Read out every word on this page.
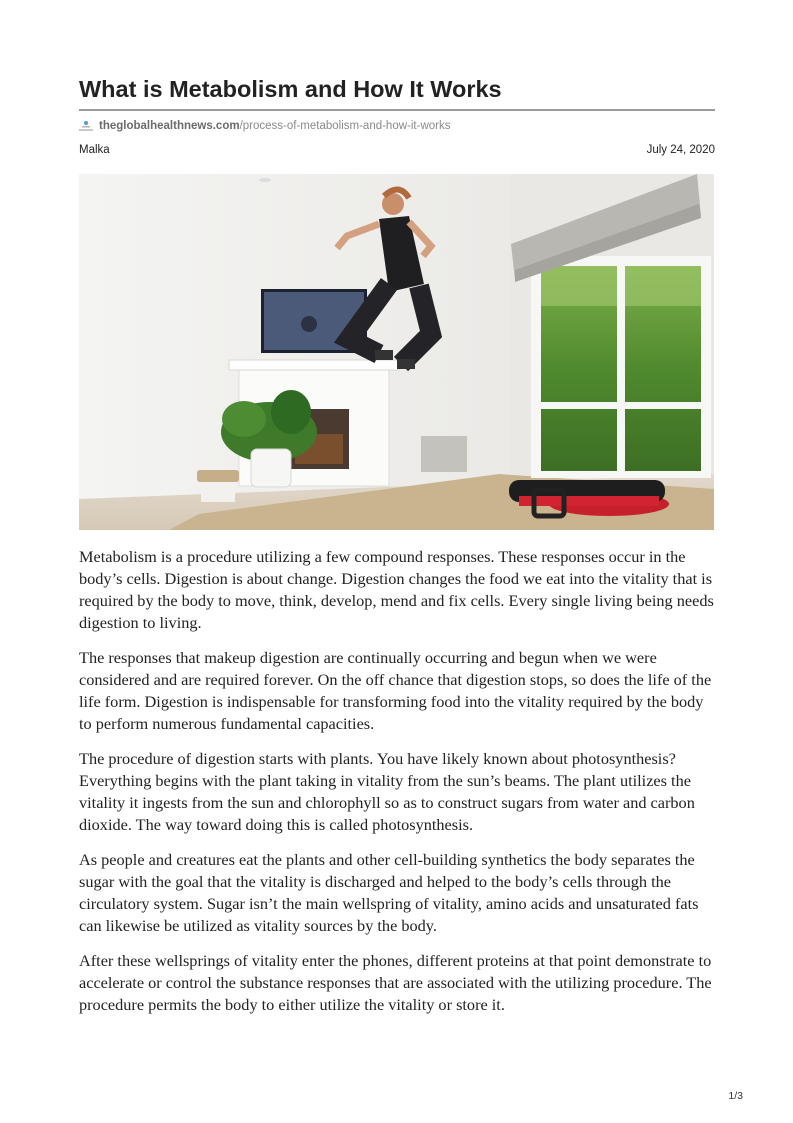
What is Metabolism and How It Works
theglobalhealthnews.com /process-of-metabolism-and-how-it-works
Malka	July 24, 2020

Metabolism is a procedure utilizing a few compound responses. These responses occur in the body’s cells. Digestion is about change. Digestion changes the food we eat into the vitality that is required by the body to move, think, develop, mend and fix cells. Every single living being needs digestion to living.

The responses that makeup digestion are continually occurring and begun when we were considered and are required forever. On the off chance that digestion stops, so does the life of the life form. Digestion is indispensable for transforming food into the vitality required by the body to perform numerous fundamental capacities.

The procedure of digestion starts with plants. You have likely known about photosynthesis? Everything begins with the plant taking in vitality from the sun’s beams. The plant utilizes the vitality it ingests from the sun and chlorophyll so as to construct sugars from water and carbon dioxide. The way toward doing this is called photosynthesis.

As people and creatures eat the plants and other cell-building synthetics the body separates the sugar with the goal that the vitality is discharged and helped to the body’s cells through the circulatory system. Sugar isn’t the main wellspring of vitality, amino acids and unsaturated fats can likewise be utilized as vitality sources by the body.

After these wellsprings of vitality enter the phones, different proteins at that point demonstrate to accelerate or control the substance responses that are associated with the utilizing procedure. The procedure permits the body to either utilize the vitality or store it.

1/3
